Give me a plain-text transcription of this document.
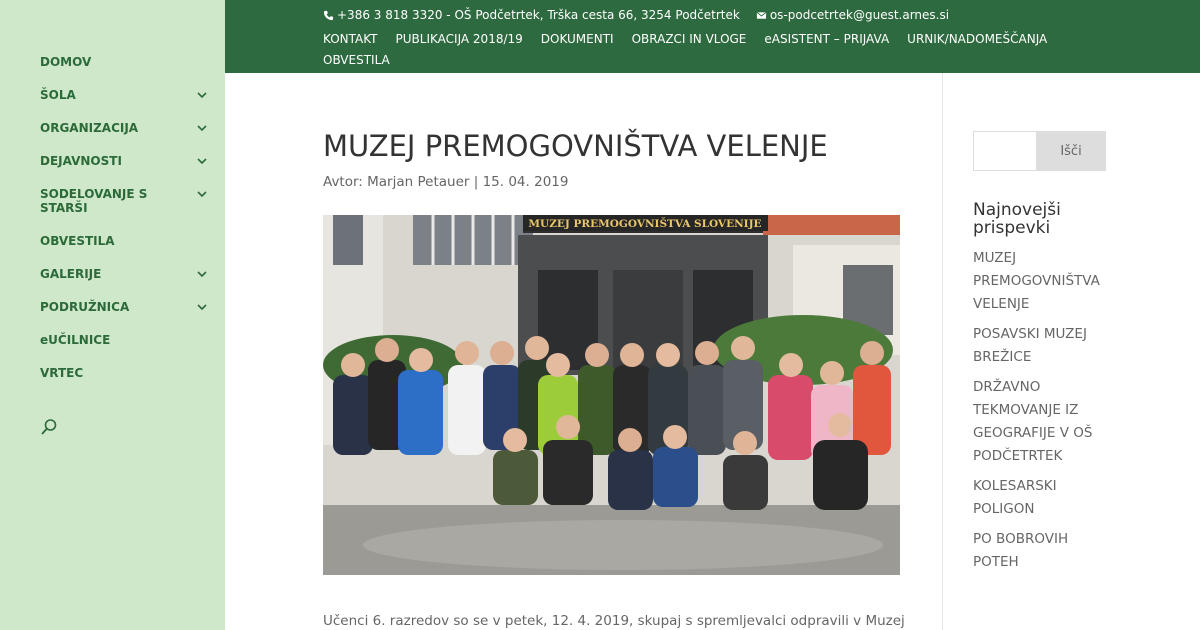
DOMOV
ŠOLA
ORGANIZACIJA
DEJAVNOSTI
SODELOVANJE S STARŠI
OBVESTILA
GALERIJE
PODRUŽNICA
eUČILNICE
VRTEC
+386 3 818 3320 - OŠ Podčetrtek, Trška cesta 66, 3254 Podčetrtek	os-podcetrtek@guest.arnes.si
KONTAKT PUBLIKACIJA 2018/19 DOKUMENTI OBRAZCI IN VLOGE eASISTENT – PRIJAVA URNIK/NADOMEŠČANJA
OBVESTILA
MUZEJ PREMOGOVNIŠTVA VELENJE

Avtor: Marjan Petauer | 15. 04. 2019

MUZEJ PREMOGOVNIŠTVA SLOVENIJE

Učenci 6. razredov so se v petek, 12. 4. 2019, skupaj s spremljevalci odpravili v Muzej

Išči
Najnovejši prispevki
MUZEJ PREMOGOVNIŠTVA VELENJE
POSAVSKI MUZEJ BREŽICE
DRŽAVNO TEKMOVANJE IZ GEOGRAFIJE V OŠ PODČETRTEK
KOLESARSKI POLIGON
PO BOBROVIH POTEH
